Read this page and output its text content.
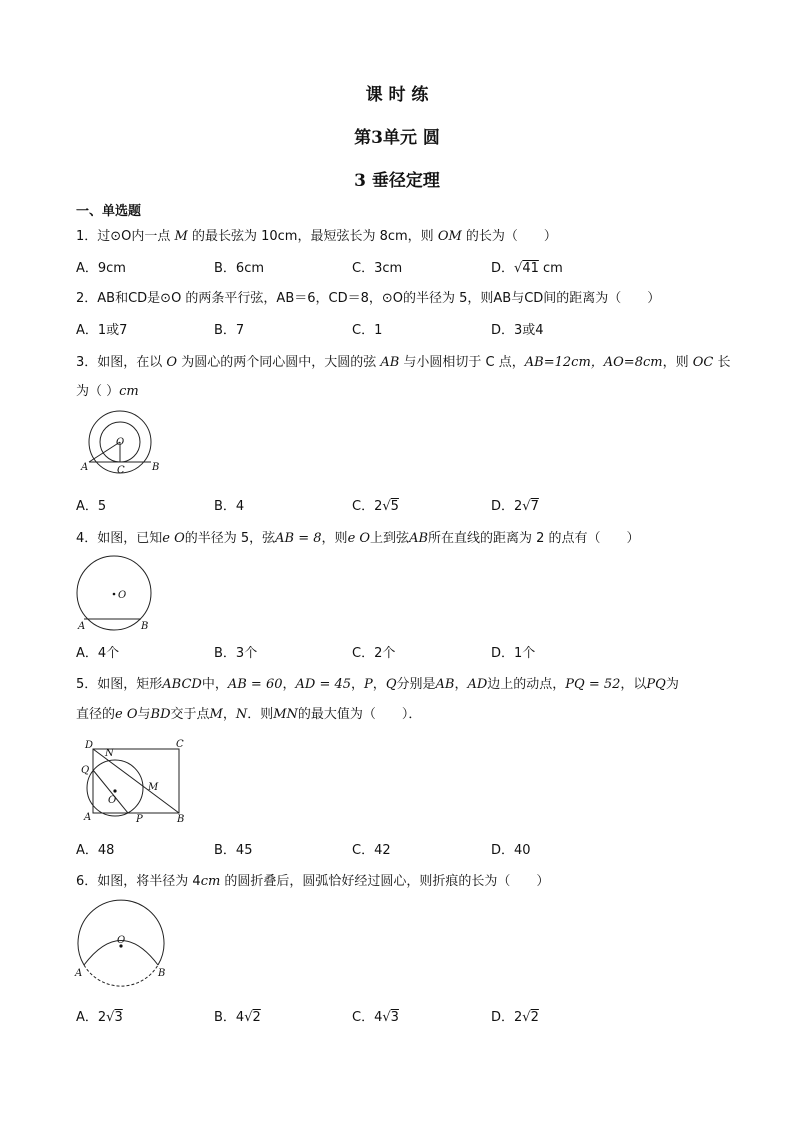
课 时 练
第3单元 圆
3 垂径定理
一、单选题
1．过⊙O内一点 M 的最长弦为 10cm，最短弦长为 8cm，则 OM 的长为（　　）
A．9cm	B．6cm	C．3cm	D．√41 cm
2．AB和CD是⊙O 的两条平行弦，AB＝6，CD＝8，⊙O的半径为 5，则AB与CD间的距离为（　　）
A．1或7	B．7	C．1	D．3或4
3．如图，在以 O 为圆心的两个同心圆中，大圆的弦 AB 与小圆相切于 C 点，AB=12cm，AO=8cm，则 OC 长
为（ ）cm
O
A	B
C
A．5	B．4	C．2√5	D．2√7
4．如图，已知e O的半径为 5，弦AB = 8，则e O上到弦AB所在直线的距离为 2 的点有（　　）
O
A	B
A．4个	B．3个	C．2个	D．1个
5．如图，矩形ABCD中，AB = 60，AD = 45，P，Q分别是AB，AD边上的动点，PQ = 52，以PQ为
直径的e O与BD交于点M，N．则MN的最大值为（　　）．
D
N
C
Q
M
O
A	P	B
A．48	B．45	C．42	D．40
6．如图，将半径为 4cm 的圆折叠后，圆弧恰好经过圆心，则折痕的长为（　　）
O
A	B
A．2√3	B．4√2	C．4√3	D．2√2
